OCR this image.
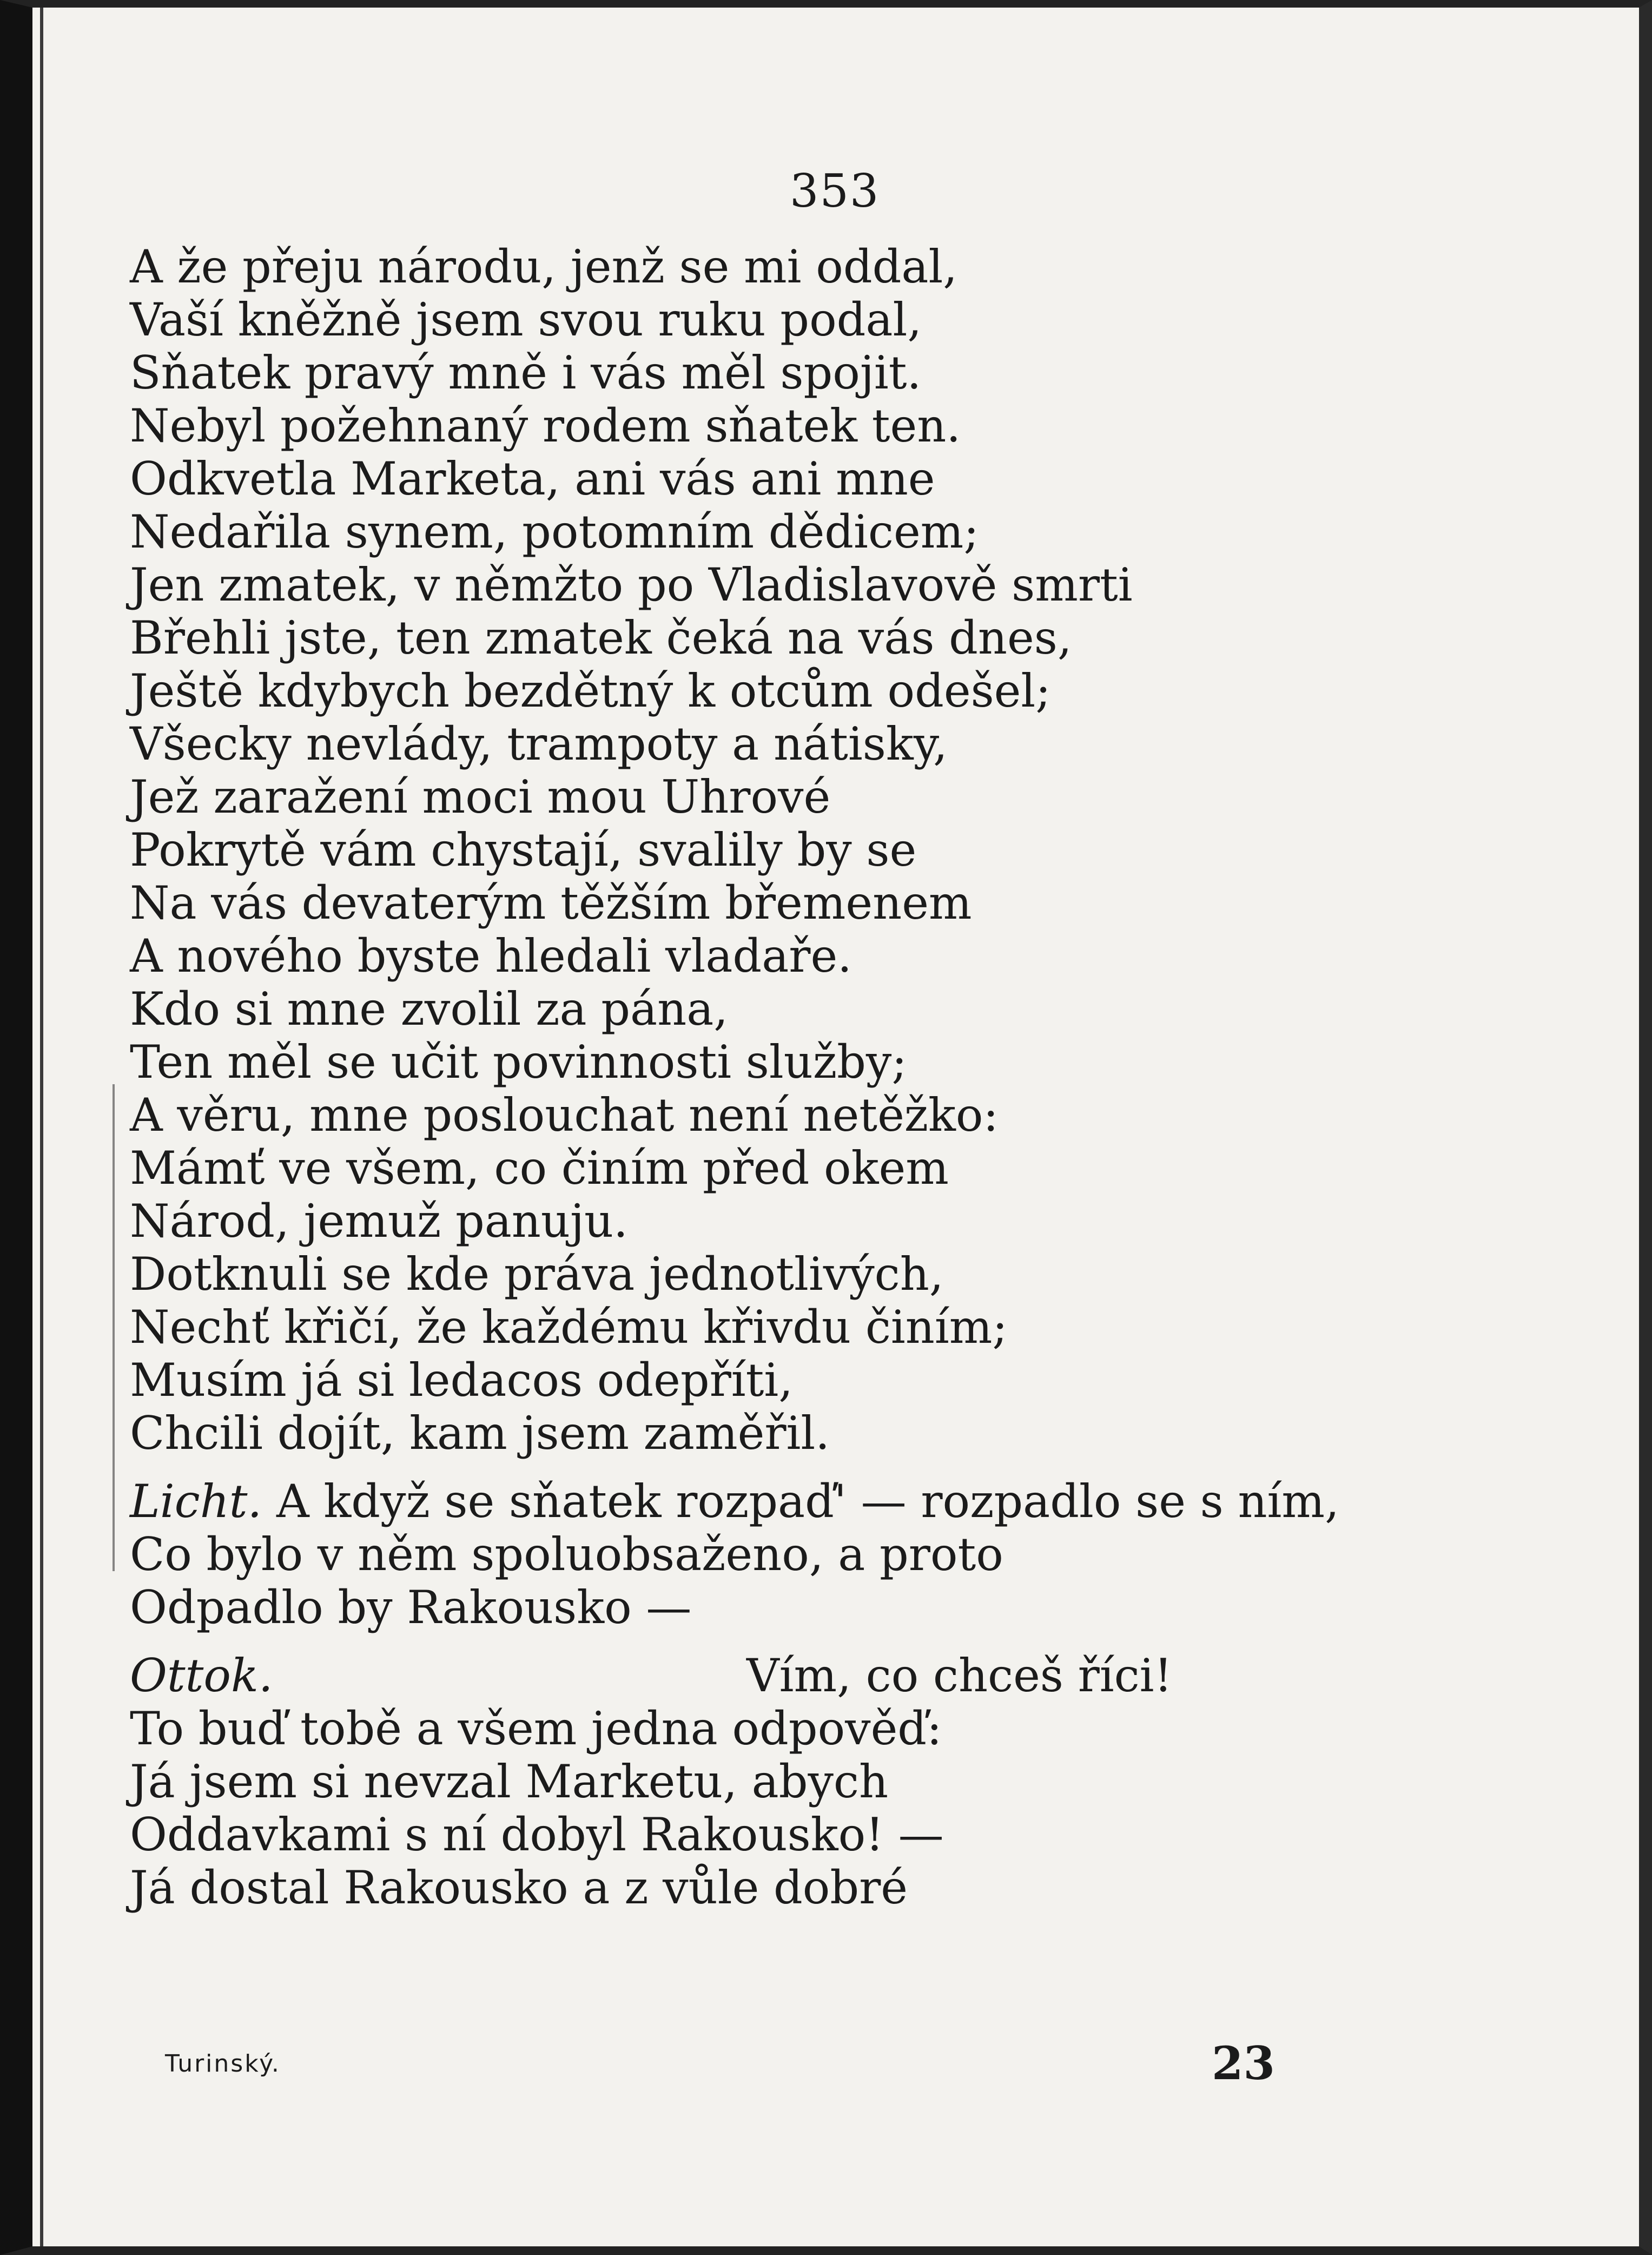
353
A že přeju národu, jenž se mi oddal,
Vaší kněžně jsem svou ruku podal,
Sňatek pravý mně i vás měl spojit.
Nebyl požehnaný rodem sňatek ten.
Odkvetla Marketa, ani vás ani mne
Nedařila synem, potomním dědicem;
Jen zmatek, v němžto po Vladislavově smrti
Břehli jste, ten zmatek čeká na vás dnes,
Ještě kdybych bezdětný k otcům odešel;
Všecky nevlády, trampoty a nátisky,
Jež zaražení moci mou Uhrové
Pokrytě vám chystají, svalily by se
Na vás devaterým těžším břemenem
A nového byste hledali vladaře.
Kdo si mne zvolil za pána,
Ten měl se učit povinnosti služby;
A věru, mne poslouchat není netěžko:
Mámť ve všem, co činím před okem
Národ, jemuž panuju.
Dotknuli se kde práva jednotlivých,
Nechť křičí, že každému křivdu činím;
Musím já si ledacos odepříti,
Chcili dojít, kam jsem zaměřil.
Licht. A když se sňatek rozpaď' — rozpadlo se s ním,
Co bylo v něm spoluobsaženo, a proto
Odpadlo by Rakousko —
Ottok.	Vím, co chceš říci!
To buď tobě a všem jedna odpověď:
Já jsem si nevzal Marketu, abych
Oddavkami s ní dobyl Rakousko! —
Já dostal Rakousko a z vůle dobré
Turinský.	23
